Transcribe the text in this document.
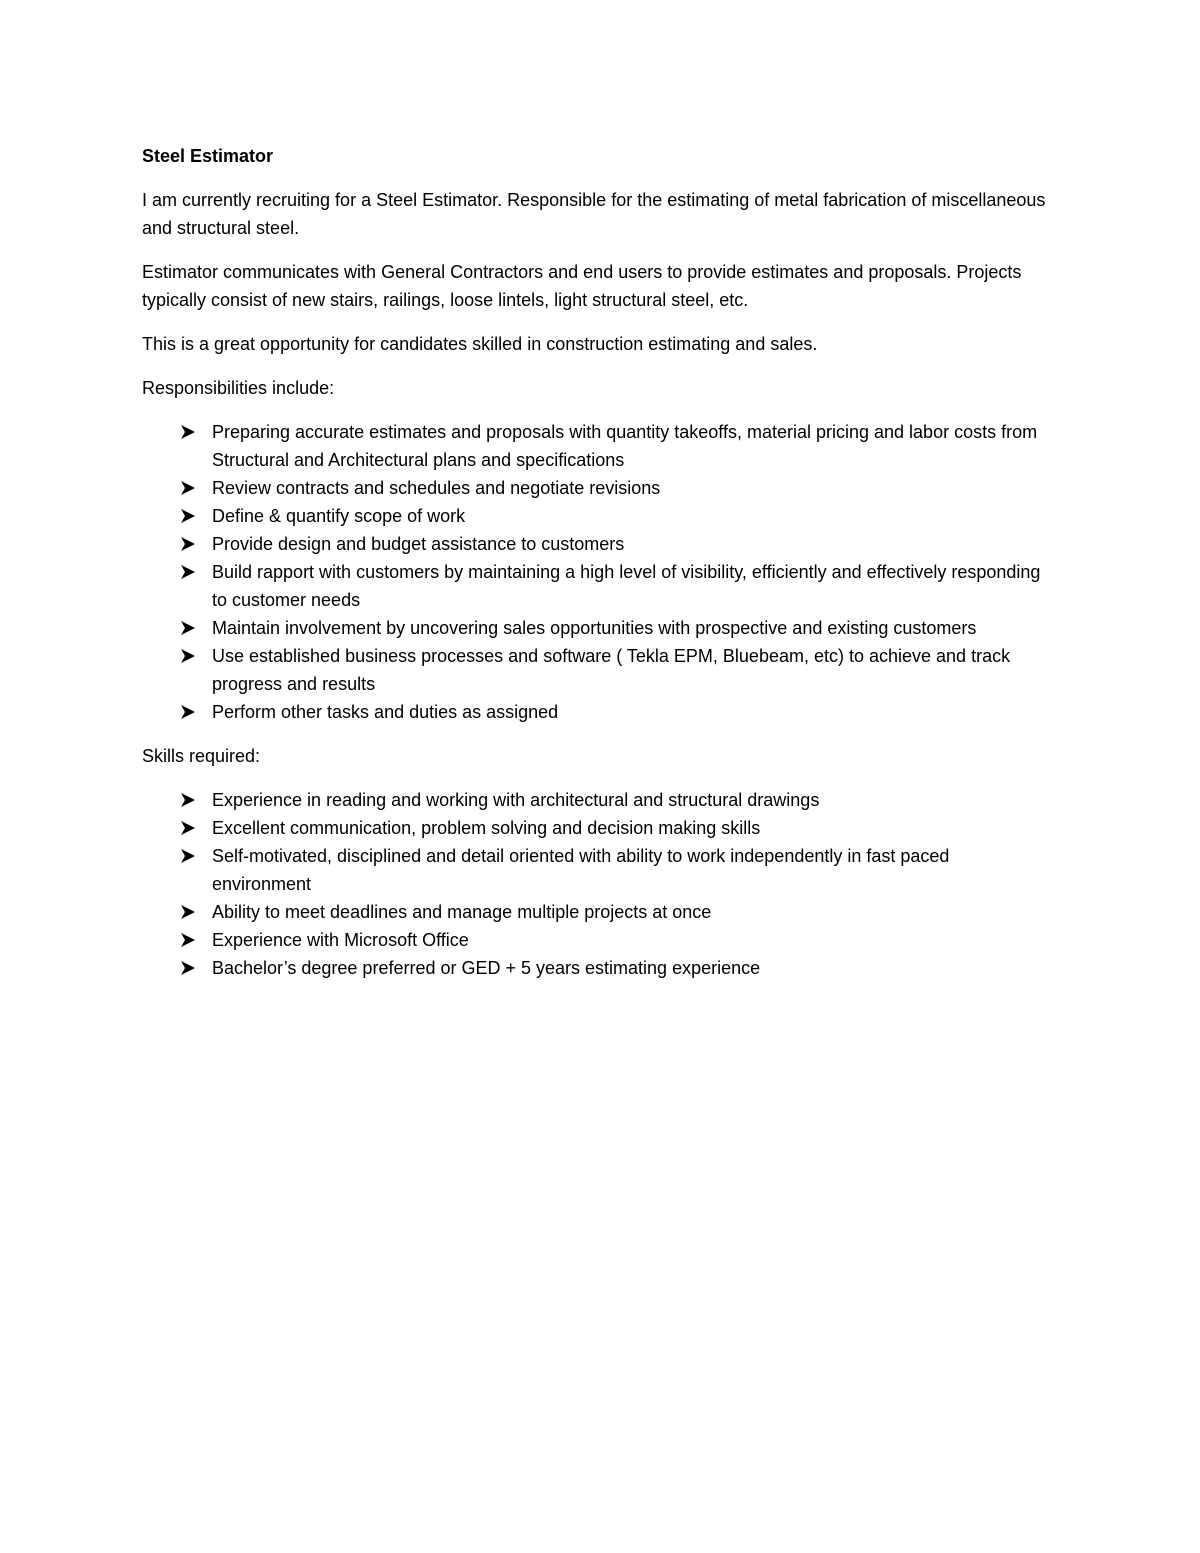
Steel Estimator

I am currently recruiting for a Steel Estimator. Responsible for the estimating of metal fabrication of miscellaneous and structural steel.

Estimator communicates with General Contractors and end users to provide estimates and proposals. Projects typically consist of new stairs, railings, loose lintels, light structural steel, etc.

This is a great opportunity for candidates skilled in construction estimating and sales.

Responsibilities include:

Preparing accurate estimates and proposals with quantity takeoffs, material pricing and labor costs from Structural and Architectural plans and specifications
Review contracts and schedules and negotiate revisions
Define & quantify scope of work
Provide design and budget assistance to customers
Build rapport with customers by maintaining a high level of visibility, efficiently and effectively responding to customer needs
Maintain involvement by uncovering sales opportunities with prospective and existing customers
Use established business processes and software ( Tekla EPM, Bluebeam, etc) to achieve and track progress and results
Perform other tasks and duties as assigned

Skills required:

Experience in reading and working with architectural and structural drawings
Excellent communication, problem solving and decision making skills
Self-motivated, disciplined and detail oriented with ability to work independently in fast paced environment
Ability to meet deadlines and manage multiple projects at once
Experience with Microsoft Office
Bachelor’s degree preferred or GED + 5 years estimating experience
